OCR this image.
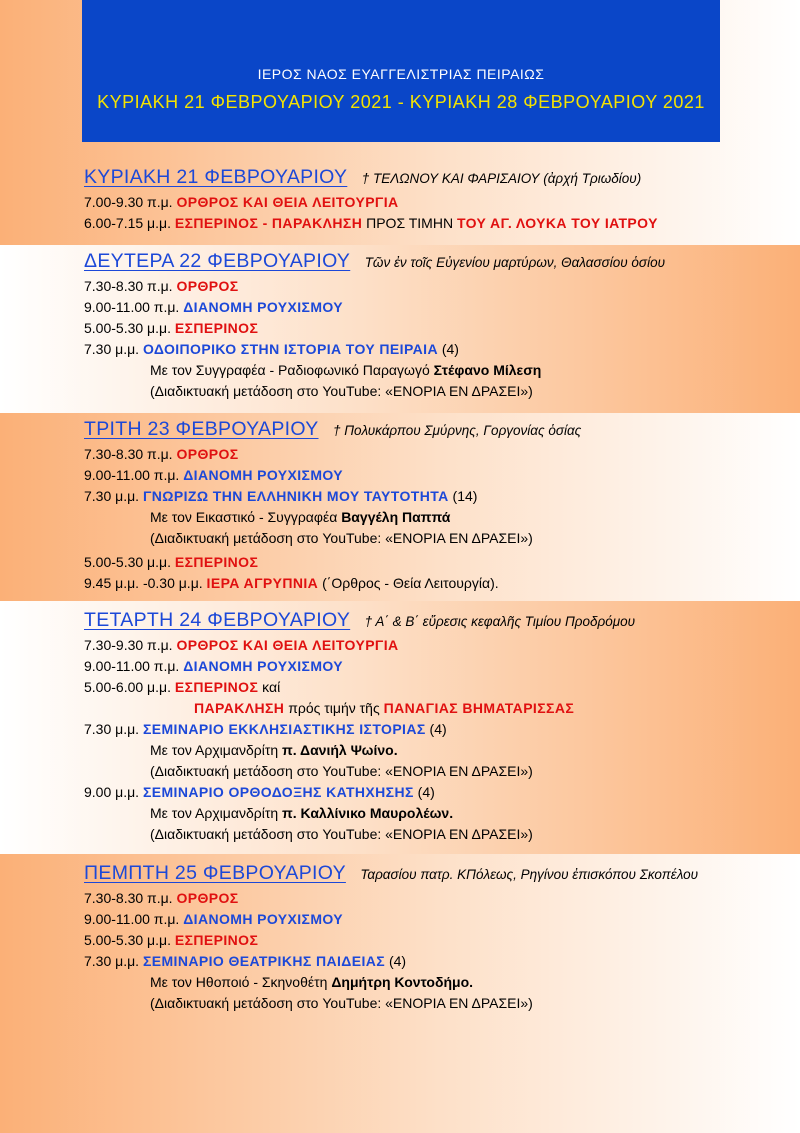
ΙΕΡΟΣ ΝΑΟΣ ΕΥΑΓΓΕΛΙΣΤΡΙΑΣ ΠΕΙΡΑΙΩΣ
ΚΥΡΙΑΚΗ 21 ΦΕΒΡΟΥΑΡΙΟΥ 2021 - ΚΥΡΙΑΚΗ 28 ΦΕΒΡΟΥΑΡΙΟΥ 2021
ΚΥΡΙΑΚΗ 21 ΦΕΒΡΟΥΑΡΙΟΥ † ΤΕΛΩΝΟΥ ΚΑΙ ΦΑΡΙΣΑΙΟΥ (ἀρχή Τριωδίου)
7.00-9.30 π.μ. ΟΡΘΡΟΣ ΚΑΙ ΘΕΙΑ ΛΕΙΤΟΥΡΓΙΑ
6.00-7.15 μ.μ. ΕΣΠΕΡΙΝΟΣ - ΠΑΡΑΚΛΗΣΗ ΠΡΟΣ ΤΙΜΗΝ ΤΟΥ ΑΓ. ΛΟΥΚΑ ΤΟΥ ΙΑΤΡΟΥ
ΔΕΥΤΕΡΑ 22 ΦΕΒΡΟΥΑΡΙΟΥ Τῶν ἐν τοῖς Εὐγενίου μαρτύρων, Θαλασσίου ὁσίου
7.30-8.30 π.μ. ΟΡΘΡΟΣ
9.00-11.00 π.μ. ΔΙΑΝΟΜΗ ΡΟΥΧΙΣΜΟΥ
5.00-5.30 μ.μ. ΕΣΠΕΡΙΝΟΣ
7.30 μ.μ. ΟΔΟΙΠΟΡΙΚΟ ΣΤΗΝ ΙΣΤΟΡΙΑ ΤΟΥ ΠΕΙΡΑΙΑ (4)
Με τον Συγγραφέα - Ραδιοφωνικό Παραγωγό Στέφανο Μίλεση
(Διαδικτυακή μετάδοση στο YouTube: «ΕΝΟΡΙΑ ΕΝ ΔΡΑΣΕΙ»)
ΤΡΙΤΗ 23 ΦΕΒΡΟΥΑΡΙΟΥ † Πολυκάρπου Σμύρνης, Γοργονίας ὁσίας
7.30-8.30 π.μ. ΟΡΘΡΟΣ
9.00-11.00 π.μ. ΔΙΑΝΟΜΗ ΡΟΥΧΙΣΜΟΥ
7.30 μ.μ. ΓΝΩΡΙΖΩ ΤΗΝ ΕΛΛΗΝΙΚΗ ΜΟΥ ΤΑΥΤΟΤΗΤΑ (14)
Με τον Εικαστικό - Συγγραφέα Βαγγέλη Παππά
(Διαδικτυακή μετάδοση στο YouTube: «ΕΝΟΡΙΑ ΕΝ ΔΡΑΣΕΙ»)
5.00-5.30 μ.μ. ΕΣΠΕΡΙΝΟΣ
9.45 μ.μ. -0.30 μ.μ. ΙΕΡΑ ΑΓΡΥΠΝΙΑ (΄Ορθρος - Θεία Λειτουργία).
ΤΕΤΑΡΤΗ 24 ΦΕΒΡΟΥΑΡΙΟΥ † Α΄ & Β΄ εὕρεσις κεφαλῆς Τιμίου Προδρόμου
7.30-9.30 π.μ. ΟΡΘΡΟΣ ΚΑΙ ΘΕΙΑ ΛΕΙΤΟΥΡΓΙΑ
9.00-11.00 π.μ. ΔΙΑΝΟΜΗ ΡΟΥΧΙΣΜΟΥ
5.00-6.00 μ.μ. ΕΣΠΕΡΙΝΟΣ καί
ΠΑΡΑΚΛΗΣΗ πρός τιμήν τῆς ΠΑΝΑΓΙΑΣ ΒΗΜΑΤΑΡΙΣΣΑΣ
7.30 μ.μ. ΣΕΜΙΝΑΡΙΟ ΕΚΚΛΗΣΙΑΣΤΙΚΗΣ ΙΣΤΟΡΙΑΣ (4)
Με τον Αρχιμανδρίτη π. Δανιήλ Ψωίνο.
(Διαδικτυακή μετάδοση στο YouTube: «ΕΝΟΡΙΑ ΕΝ ΔΡΑΣΕΙ»)
9.00 μ.μ. ΣΕΜΙΝΑΡΙΟ ΟΡΘΟΔΟΞΗΣ ΚΑΤΗΧΗΣΗΣ (4)
Με τον Αρχιμανδρίτη π. Καλλίνικο Μαυρολέων.
(Διαδικτυακή μετάδοση στο YouTube: «ΕΝΟΡΙΑ ΕΝ ΔΡΑΣΕΙ»)
ΠΕΜΠΤΗ 25 ΦΕΒΡΟΥΑΡΙΟΥ Ταρασίου πατρ. ΚΠόλεως, Ρηγίνου ἐπισκόπου Σκοπέλου
7.30-8.30 π.μ. ΟΡΘΡΟΣ
9.00-11.00 π.μ. ΔΙΑΝΟΜΗ ΡΟΥΧΙΣΜΟΥ
5.00-5.30 μ.μ. ΕΣΠΕΡΙΝΟΣ
7.30 μ.μ. ΣΕΜΙΝΑΡΙΟ ΘΕΑΤΡΙΚΗΣ ΠΑΙΔΕΙΑΣ (4)
Με τον Ηθοποιό - Σκηνοθέτη Δημήτρη Κοντοδήμο.
(Διαδικτυακή μετάδοση στο YouTube: «ΕΝΟΡΙΑ ΕΝ ΔΡΑΣΕΙ»)
